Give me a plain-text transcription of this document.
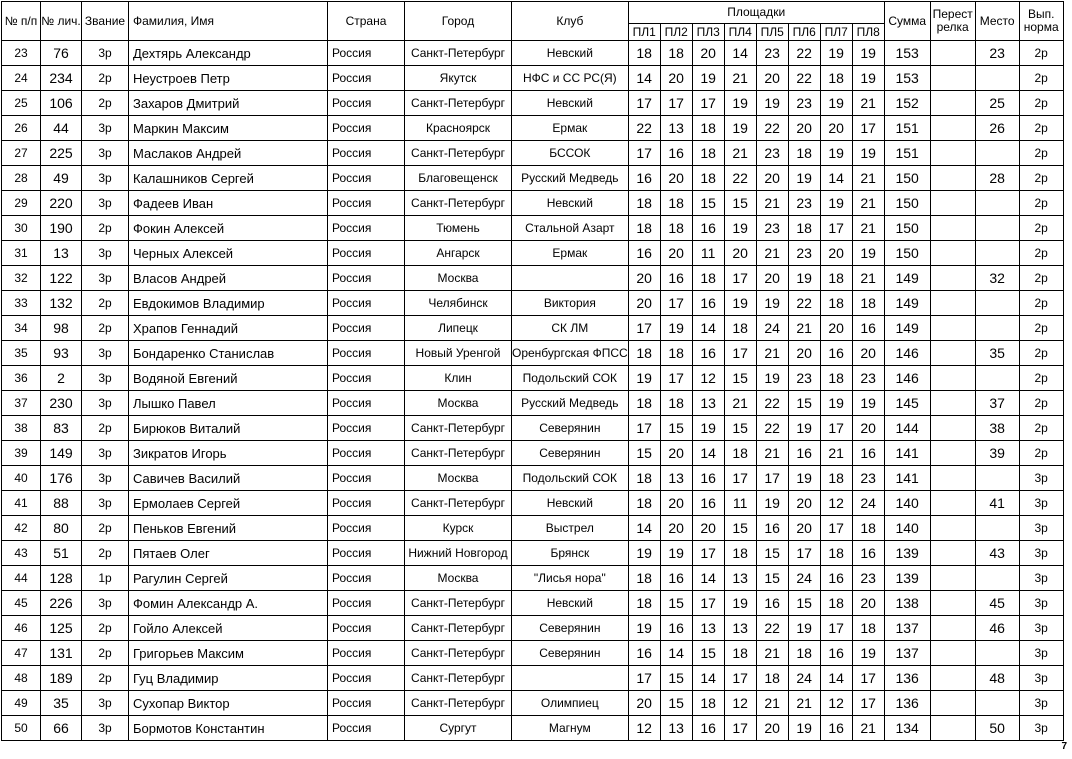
№ п/п	№ лич.	Звание	Фамилия, Имя	Страна	Город	Клуб	Площадки								Сумма	Перест релка	Место	Вып. норма
							ПЛ1	ПЛ2	ПЛ3	ПЛ4	ПЛ5	ПЛ6	ПЛ7	ПЛ8				
23	76	3р	Дехтярь Александр	Россия	Санкт-Петербург	Невский	18	18	20	14	23	22	19	19	153		23	2р
24	234	2р	Неустроев Петр	Россия	Якутск	НФС и СС РС(Я)	14	20	19	21	20	22	18	19	153			2р
25	106	2р	Захаров Дмитрий	Россия	Санкт-Петербург	Невский	17	17	17	19	19	23	19	21	152		25	2р
26	44	3р	Маркин Максим	Россия	Красноярск	Ермак	22	13	18	19	22	20	20	17	151		26	2р
27	225	3р	Маслаков Андрей	Россия	Санкт-Петербург	БССОК	17	16	18	21	23	18	19	19	151			2р
28	49	3р	Калашников Сергей	Россия	Благовещенск	Русский Медведь	16	20	18	22	20	19	14	21	150		28	2р
29	220	3р	Фадеев Иван	Россия	Санкт-Петербург	Невский	18	18	15	15	21	23	19	21	150			2р
30	190	2р	Фокин Алексей	Россия	Тюмень	Стальной Азарт	18	18	16	19	23	18	17	21	150			2р
31	13	3р	Черных Алексей	Россия	Ангарск	Ермак	16	20	11	20	21	23	20	19	150			2р
32	122	3р	Власов Андрей	Россия	Москва		20	16	18	17	20	19	18	21	149		32	2р
33	132	2р	Евдокимов Владимир	Россия	Челябинск	Виктория	20	17	16	19	19	22	18	18	149			2р
34	98	2р	Храпов Геннадий	Россия	Липецк	СК ЛМ	17	19	14	18	24	21	20	16	149			2р
35	93	3р	Бондаренко Станислав	Россия	Новый Уренгой	Оренбургская ФПСС	18	18	16	17	21	20	16	20	146		35	2р
36	2	3р	Водяной Евгений	Россия	Клин	Подольский СОК	19	17	12	15	19	23	18	23	146			2р
37	230	3р	Лышко Павел	Россия	Москва	Русский Медведь	18	18	13	21	22	15	19	19	145		37	2р
38	83	2р	Бирюков Виталий	Россия	Санкт-Петербург	Северянин	17	15	19	15	22	19	17	20	144		38	2р
39	149	3р	Зикратов Игорь	Россия	Санкт-Петербург	Северянин	15	20	14	18	21	16	21	16	141		39	2р
40	176	3р	Савичев Василий	Россия	Москва	Подольский СОК	18	13	16	17	17	19	18	23	141			3р
41	88	3р	Ермолаев Сергей	Россия	Санкт-Петербург	Невский	18	20	16	11	19	20	12	24	140		41	3р
42	80	2р	Пеньков Евгений	Россия	Курск	Выстрел	14	20	20	15	16	20	17	18	140			3р
43	51	2р	Пятаев Олег	Россия	Нижний Новгород	Брянск	19	19	17	18	15	17	18	16	139		43	3р
44	128	1р	Рагулин Сергей	Россия	Москва	"Лисья нора"	18	16	14	13	15	24	16	23	139			3р
45	226	3р	Фомин Александр А.	Россия	Санкт-Петербург	Невский	18	15	17	19	16	15	18	20	138		45	3р
46	125	2р	Гойло Алексей	Россия	Санкт-Петербург	Северянин	19	16	13	13	22	19	17	18	137		46	3р
47	131	2р	Григорьев Максим	Россия	Санкт-Петербург	Северянин	16	14	15	18	21	18	16	19	137			3р
48	189	2р	Гуц Владимир	Россия	Санкт-Петербург		17	15	14	17	18	24	14	17	136		48	3р
49	35	3р	Сухопар Виктор	Россия	Санкт-Петербург	Олимпиец	20	15	18	12	21	21	12	17	136			3р
50	66	3р	Бормотов Константин	Россия	Сургут	Магнум	12	13	16	17	20	19	16	21	134		50	3р
7
